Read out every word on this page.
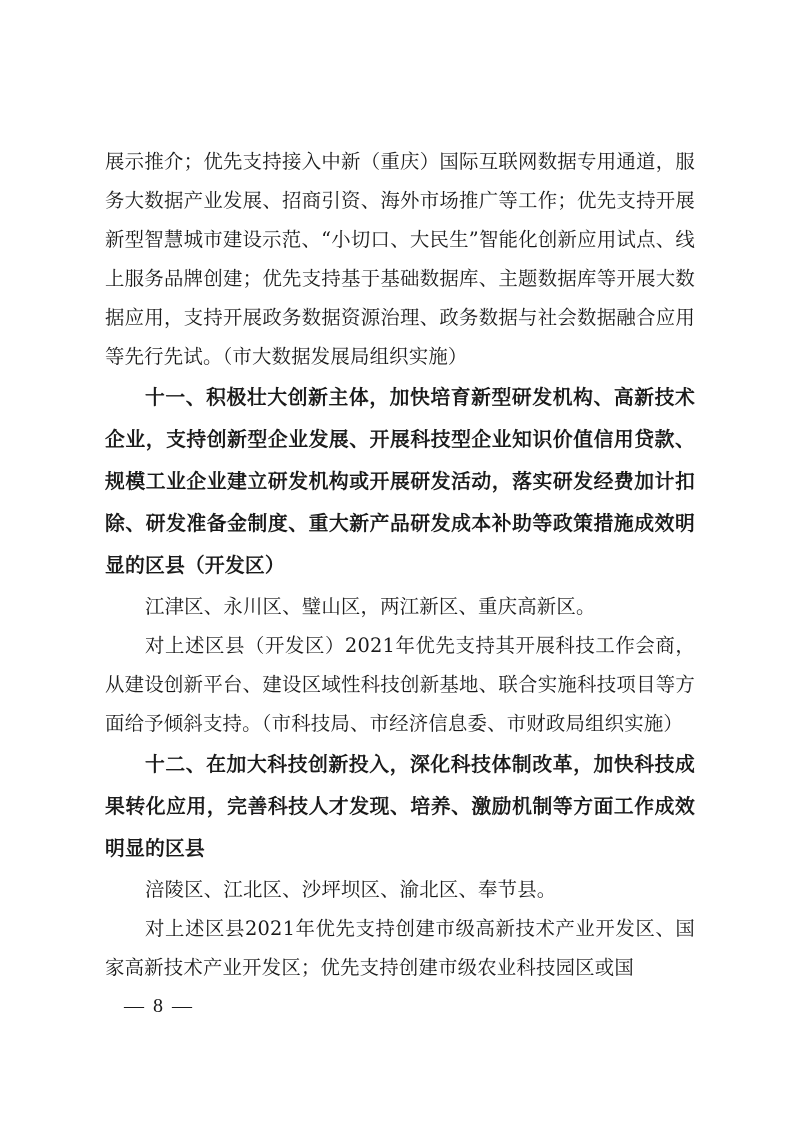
展示推介；优先支持接入中新（重庆）国际互联网数据专用通道，服务大数据产业发展、招商引资、海外市场推广等工作；优先支持开展新型智慧城市建设示范、“小切口、大民生”智能化创新应用试点、线上服务品牌创建；优先支持基于基础数据库、主题数据库等开展大数据应用，支持开展政务数据资源治理、政务数据与社会数据融合应用等先行先试。（市大数据发展局组织实施）

十一、积极壮大创新主体，加快培育新型研发机构、高新技术企业，支持创新型企业发展、开展科技型企业知识价值信用贷款、规模工业企业建立研发机构或开展研发活动，落实研发经费加计扣除、研发准备金制度、重大新产品研发成本补助等政策措施成效明显的区县（开发区）

江津区、永川区、璧山区，两江新区、重庆高新区。

对上述区县（开发区）2021年优先支持其开展科技工作会商，从建设创新平台、建设区域性科技创新基地、联合实施科技项目等方面给予倾斜支持。（市科技局、市经济信息委、市财政局组织实施）

十二、在加大科技创新投入，深化科技体制改革，加快科技成果转化应用，完善科技人才发现、培养、激励机制等方面工作成效明显的区县

涪陵区、江北区、沙坪坝区、渝北区、奉节县。

对上述区县2021年优先支持创建市级高新技术产业开发区、国家高新技术产业开发区；优先支持创建市级农业科技园区或国

— 8 —
